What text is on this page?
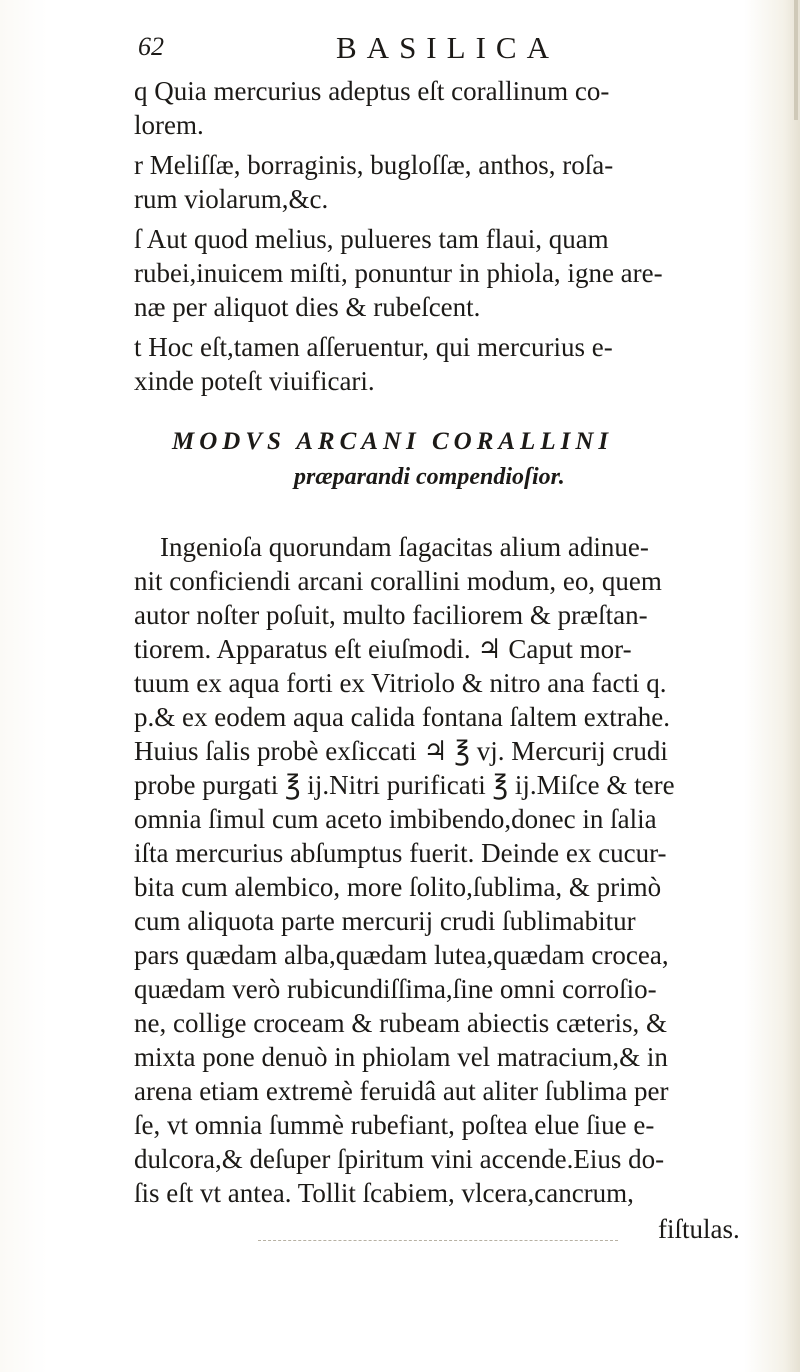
62	BASILICA
q Quia mercurius adeptus eſt corallinum co-
lorem.
r Meliſſæ, borraginis, bugloſſæ, anthos, roſa-
rum violarum,&c.
ſ Aut quod melius, pulueres tam flaui, quam
rubei,inuicem miſti, ponuntur in phiola, igne are-
næ per aliquot dies & rubeſcent.
t Hoc eſt,tamen aſſeruentur, qui mercurius e-
xinde poteſt viuificari.
MODVS ARCANI CORALLINI
præparandi compendioſior.
Ingenioſa quorundam ſagacitas alium adinue-
nit conficiendi arcani corallini modum, eo, quem
autor noſter poſuit, multo faciliorem & præſtan-
tiorem. Apparatus eſt eiuſmodi. ♃ Caput mor-
tuum ex aqua forti ex Vitriolo & nitro ana facti q.
p.& ex eodem aqua calida fontana ſaltem extrahe.
Huius ſalis probè exſiccati ♃ ℥ vj. Mercurij crudi
probe purgati ℥ ij.Nitri purificati ℥ ij.Miſce & tere
omnia ſimul cum aceto imbibendo,donec in ſalia
iſta mercurius abſumptus fuerit. Deinde ex cucur-
bita cum alembico, more ſolito,ſublima, & primò
cum aliquota parte mercurij crudi ſublimabitur
pars quædam alba,quædam lutea,quædam crocea,
quædam verò rubicundiſſima,ſine omni corroſio-
ne, collige croceam & rubeam abiectis cæteris, &
mixta pone denuò in phiolam vel matracium,& in
arena etiam extremè feruidâ aut aliter ſublima per
ſe, vt omnia ſummè rubefiant, poſtea elue ſiue e-
dulcora,& deſuper ſpiritum vini accende.Eius do-
ſis eſt vt antea. Tollit ſcabiem, vlcera,cancrum,
fiſtulas.
